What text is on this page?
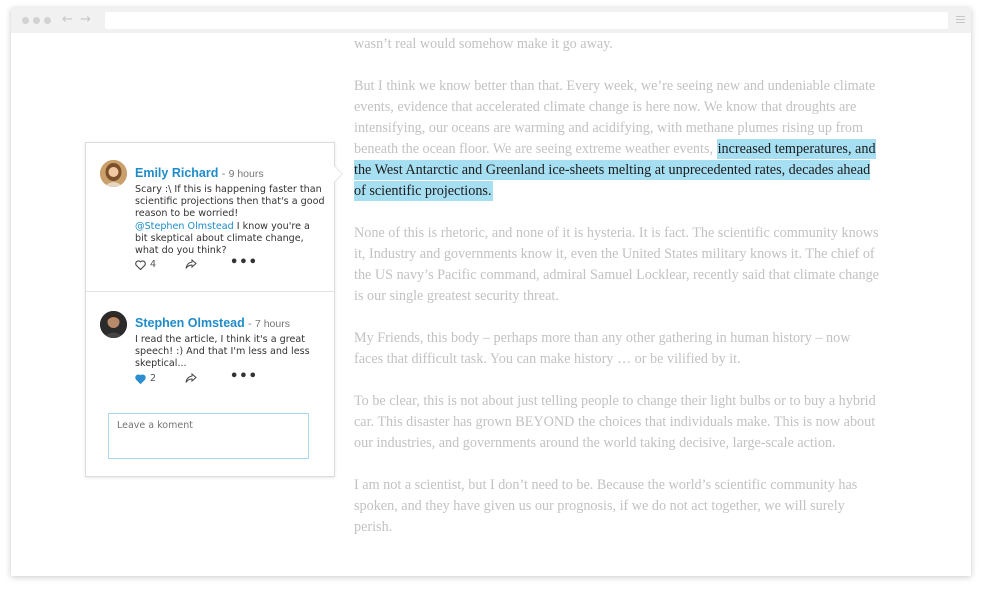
← →

wasn’t real would somehow make it go away.

But I think we know better than that. Every week, we’re seeing new and undeniable climate events, evidence that accelerated climate change is here now. We know that droughts are intensifying, our oceans are warming and acidifying, with methane plumes rising up from beneath the ocean floor. We are seeing extreme weather events, increased temperatures, and the West Antarctic and Greenland ice-sheets melting at unprecedented rates, decades ahead of scientific projections.

None of this is rhetoric, and none of it is hysteria. It is fact. The scientific community knows it, Industry and governments know it, even the United States military knows it. The chief of the US navy’s Pacific command, admiral Samuel Locklear, recently said that climate change is our single greatest security threat.

My Friends, this body – perhaps more than any other gathering in human history – now faces that difficult task. You can make history … or be vilified by it.

To be clear, this is not about just telling people to change their light bulbs or to buy a hybrid car. This disaster has grown BEYOND the choices that individuals make. This is now about our industries, and governments around the world taking decisive, large-scale action.

I am not a scientist, but I don’t need to be. Because the world’s scientific community has spoken, and they have given us our prognosis, if we do not act together, we will surely perish.

Emily Richard - 9 hours
Scary :\ If this is happening faster than scientific projections then that's a good reason to be worried!
@Stephen Olmstead I know you're a bit skeptical about climate change, what do you think?
4	•••
Stephen Olmstead - 7 hours
I read the article, I think it's a great speech! :) And that I'm less and less skeptical...
2	•••
Leave a koment
